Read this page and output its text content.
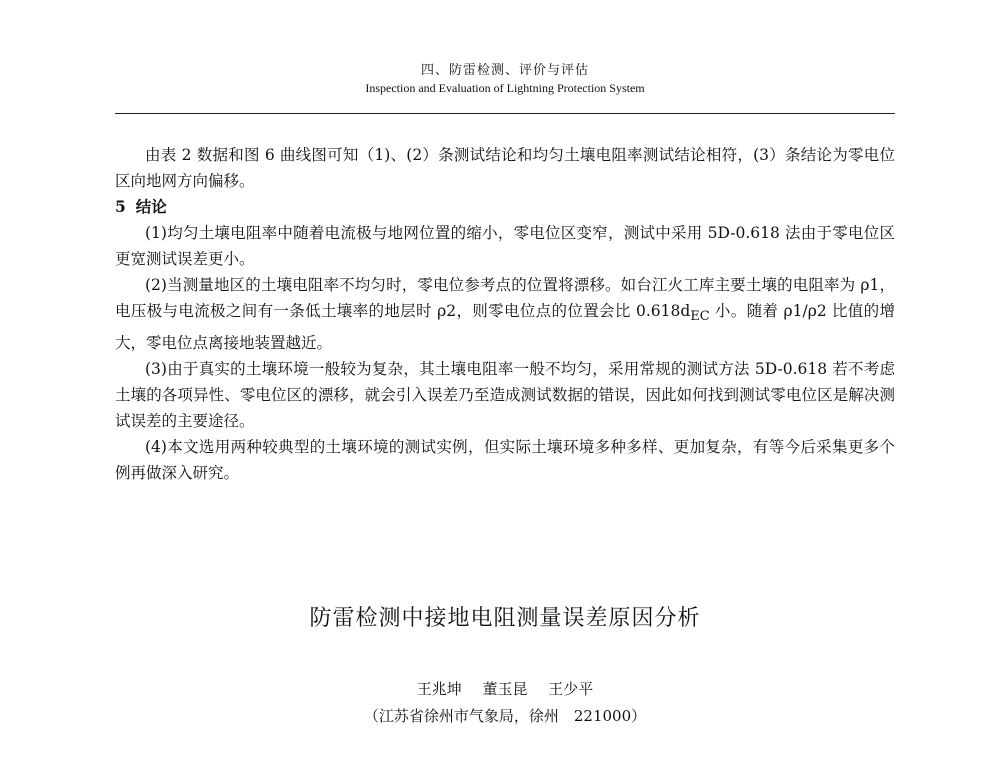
四、防雷检测、评价与评估
Inspection and Evaluation of Lightning Protection System

由表 2 数据和图 6 曲线图可知（1)、(2）条测试结论和均匀土壤电阻率测试结论相符，(3）条结论为零电位区向地网方向偏移。

5 结论

(1)均匀土壤电阻率中随着电流极与地网位置的缩小，零电位区变窄，测试中采用 5D-0.618 法由于零电位区更宽测试误差更小。

(2)当测量地区的土壤电阻率不均匀时，零电位参考点的位置将漂移。如台江火工库主要土壤的电阻率为 ρ1，电压极与电流极之间有一条低土壤率的地层时 ρ2，则零电位点的位置会比 $0.618d_{EC}$ 小。随着 ρ1/ρ2 比值的增大，零电位点离接地装置越近。

(3)由于真实的土壤环境一般较为复杂，其土壤电阻率一般不均匀，采用常规的测试方法 5D-0.618 若不考虑土壤的各项异性、零电位区的漂移，就会引入误差乃至造成测试数据的错误，因此如何找到测试零电位区是解决测试误差的主要途径。

(4)本文选用两种较典型的土壤环境的测试实例，但实际土壤环境多种多样、更加复杂，有等今后采集更多个例再做深入研究。

防雷检测中接地电阻测量误差原因分析
王兆坤 董玉昆 王少平
（江苏省徐州市气象局，徐州　221000）
